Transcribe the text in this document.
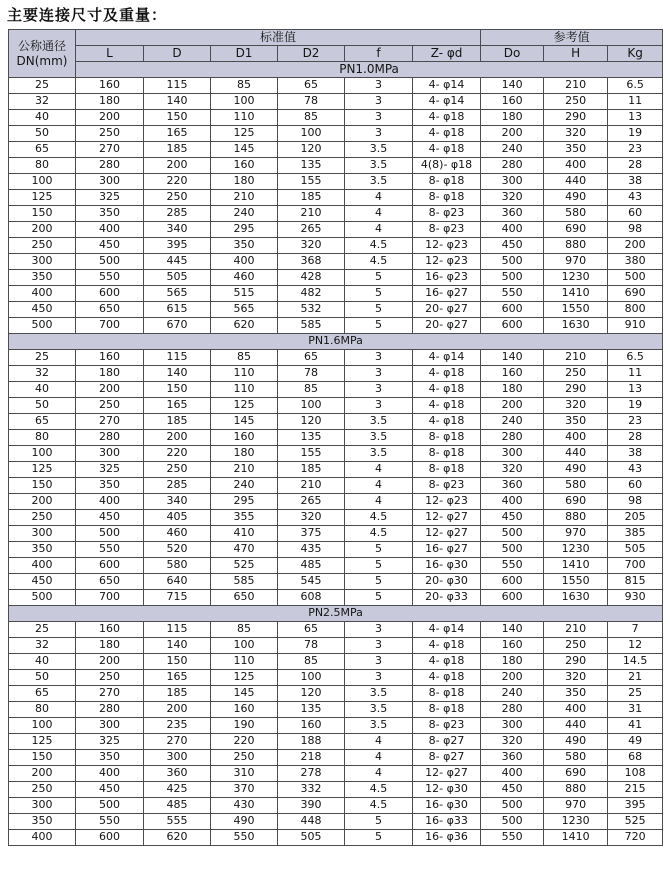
主要连接尺寸及重量：
公称通径
DN(mm)	标准值						参考值		
	L	D	D1	D2	f	Z- φd	Do	H	Kg
	PN1.0MPa								
25	160	115	85	65	3	4- φ14	140	210	6.5
32	180	140	100	78	3	4- φ14	160	250	11
40	200	150	110	85	3	4- φ18	180	290	13
50	250	165	125	100	3	4- φ18	200	320	19
65	270	185	145	120	3.5	4- φ18	240	350	23
80	280	200	160	135	3.5	4(8)- φ18	280	400	28
100	300	220	180	155	3.5	8- φ18	300	440	38
125	325	250	210	185	4	8- φ18	320	490	43
150	350	285	240	210	4	8- φ23	360	580	60
200	400	340	295	265	4	8- φ23	400	690	98
250	450	395	350	320	4.5	12- φ23	450	880	200
300	500	445	400	368	4.5	12- φ23	500	970	380
350	550	505	460	428	5	16- φ23	500	1230	500
400	600	565	515	482	5	16- φ27	550	1410	690
450	650	615	565	532	5	20- φ27	600	1550	800
500	700	670	620	585	5	20- φ27	600	1630	910
PN1.6MPa									
25	160	115	85	65	3	4- φ14	140	210	6.5
32	180	140	110	78	3	4- φ18	160	250	11
40	200	150	110	85	3	4- φ18	180	290	13
50	250	165	125	100	3	4- φ18	200	320	19
65	270	185	145	120	3.5	4- φ18	240	350	23
80	280	200	160	135	3.5	8- φ18	280	400	28
100	300	220	180	155	3.5	8- φ18	300	440	38
125	325	250	210	185	4	8- φ18	320	490	43
150	350	285	240	210	4	8- φ23	360	580	60
200	400	340	295	265	4	12- φ23	400	690	98
250	450	405	355	320	4.5	12- φ27	450	880	205
300	500	460	410	375	4.5	12- φ27	500	970	385
350	550	520	470	435	5	16- φ27	500	1230	505
400	600	580	525	485	5	16- φ30	550	1410	700
450	650	640	585	545	5	20- φ30	600	1550	815
500	700	715	650	608	5	20- φ33	600	1630	930
PN2.5MPa									
25	160	115	85	65	3	4- φ14	140	210	7
32	180	140	100	78	3	4- φ18	160	250	12
40	200	150	110	85	3	4- φ18	180	290	14.5
50	250	165	125	100	3	4- φ18	200	320	21
65	270	185	145	120	3.5	8- φ18	240	350	25
80	280	200	160	135	3.5	8- φ18	280	400	31
100	300	235	190	160	3.5	8- φ23	300	440	41
125	325	270	220	188	4	8- φ27	320	490	49
150	350	300	250	218	4	8- φ27	360	580	68
200	400	360	310	278	4	12- φ27	400	690	108
250	450	425	370	332	4.5	12- φ30	450	880	215
300	500	485	430	390	4.5	16- φ30	500	970	395
350	550	555	490	448	5	16- φ33	500	1230	525
400	600	620	550	505	5	16- φ36	550	1410	720
